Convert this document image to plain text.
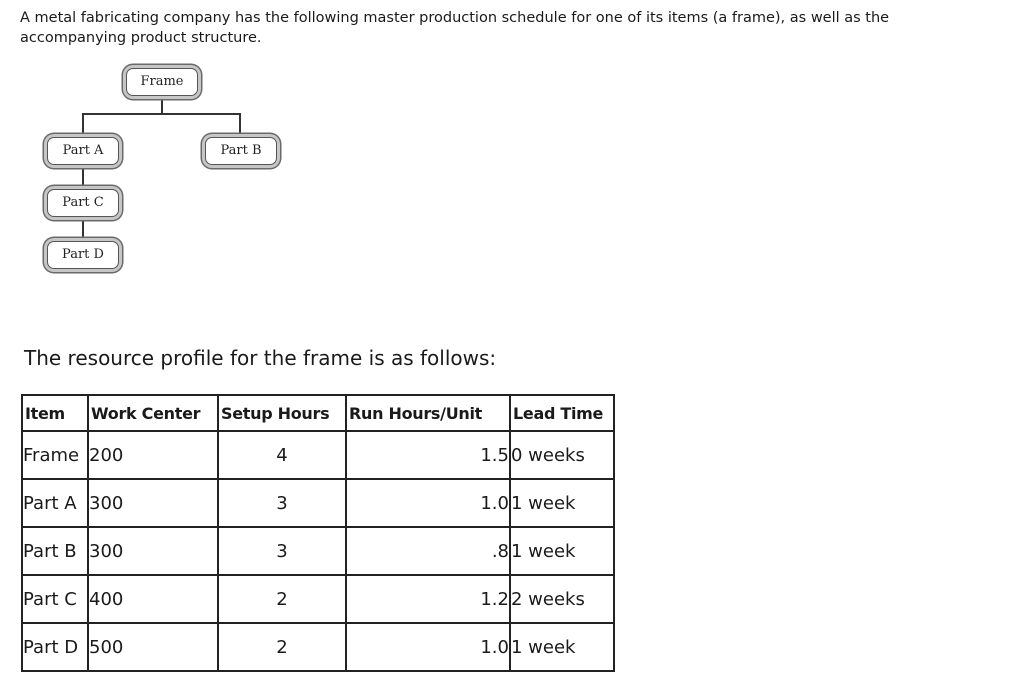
A metal fabricating company has the following master production schedule for one of its items (a frame), as well as the accompanying product structure.

Frame
Part A	Part B
Part C
Part D
The resource profile for the frame is as follows:
Item	Work Center	Setup Hours	Run Hours/Unit	Lead Time
Frame	200	4	1.5	0 weeks
Part A	300	3	1.0	1 week
Part B	300	3	.8	1 week
Part C	400	2	1.2	2 weeks
Part D	500	2	1.0	1 week
